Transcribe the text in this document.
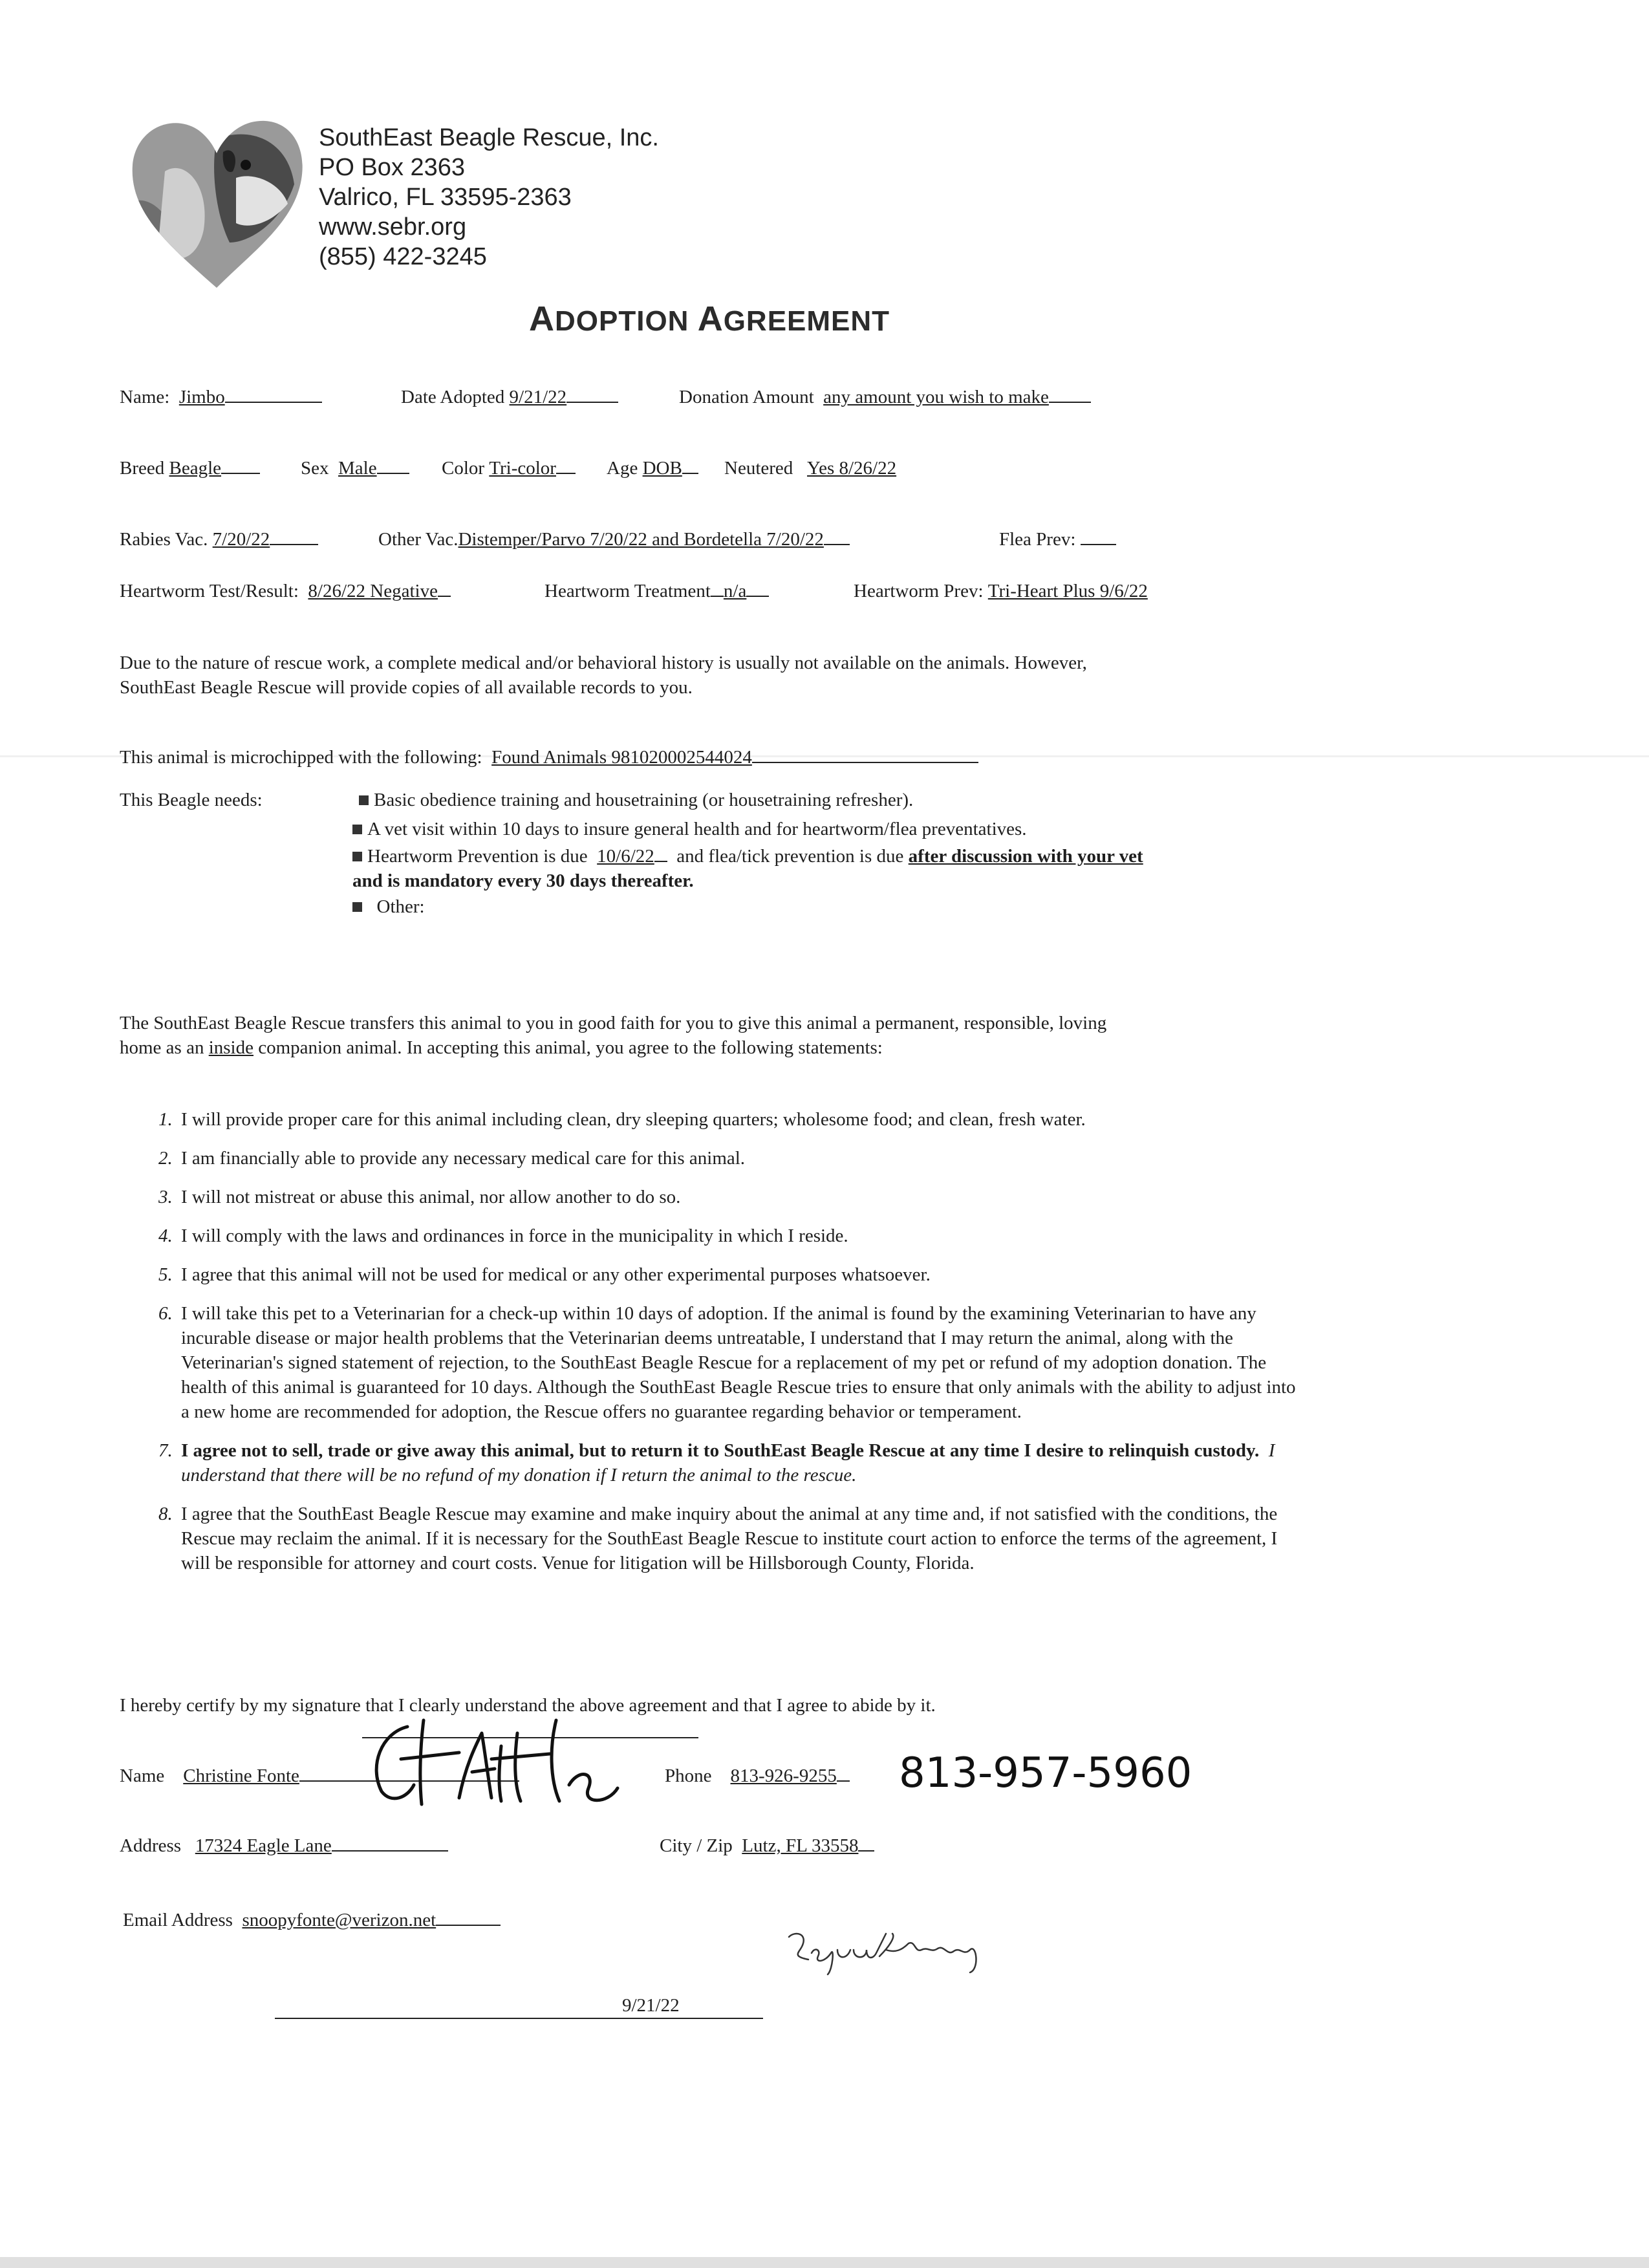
SouthEast Beagle Rescue, Inc.
PO Box 2363
Valrico, FL 33595-2363
www.sebr.org
(855) 422-3245
ADOPTION AGREEMENT
Name: Jimbo	Date Adopted 9/21/22	Donation Amount any amount you wish to make
Breed Beagle	Sex Male	Color Tri-color	Age DOB	Neutered Yes 8/26/22
Rabies Vac. 7/20/22	Other Vac.Distemper/Parvo 7/20/22 and Bordetella 7/20/22	Flea Prev:
Heartworm Test/Result: 8/26/22 Negative	Heartworm Treatment n/a	Heartworm Prev: Tri-Heart Plus 9/6/22
Due to the nature of rescue work, a complete medical and/or behavioral history is usually not available on the animals. However,
SouthEast Beagle Rescue will provide copies of all available records to you.
This animal is microchipped with the following: Found Animals 981020002544024
This Beagle needs:	Basic obedience training and housetraining (or housetraining refresher).
A vet visit within 10 days to insure general health and for heartworm/flea preventatives.
Heartworm Prevention is due 10/6/22 and flea/tick prevention is due after discussion with your vet
and is mandatory every 30 days thereafter.
Other:
The SouthEast Beagle Rescue transfers this animal to you in good faith for you to give this animal a permanent, responsible, loving
home as an inside companion animal. In accepting this animal, you agree to the following statements:
1. I will provide proper care for this animal including clean, dry sleeping quarters; wholesome food; and clean, fresh water.
2. I am financially able to provide any necessary medical care for this animal.
3. I will not mistreat or abuse this animal, nor allow another to do so.
4. I will comply with the laws and ordinances in force in the municipality in which I reside.
5. I agree that this animal will not be used for medical or any other experimental purposes whatsoever.
6. I will take this pet to a Veterinarian for a check-up within 10 days of adoption. If the animal is found by the examining Veterinarian to have any incurable disease or major health problems that the Veterinarian deems untreatable, I understand that I may return the animal, along with the Veterinarian's signed statement of rejection, to the SouthEast Beagle Rescue for a replacement of my pet or refund of my adoption donation. The health of this animal is guaranteed for 10 days. Although the SouthEast Beagle Rescue tries to ensure that only animals with the ability to adjust into a new home are recommended for adoption, the Rescue offers no guarantee regarding behavior or temperament.
7. I agree not to sell, trade or give away this animal, but to return it to SouthEast Beagle Rescue at any time I desire to relinquish custody. I understand that there will be no refund of my donation if I return the animal to the rescue.
8. I agree that the SouthEast Beagle Rescue may examine and make inquiry about the animal at any time and, if not satisfied with the conditions, the Rescue may reclaim the animal. If it is necessary for the SouthEast Beagle Rescue to institute court action to enforce the terms of the agreement, I will be responsible for attorney and court costs. Venue for litigation will be Hillsborough County, Florida.
I hereby certify by my signature that I clearly understand the above agreement and that I agree to abide by it.
Name Christine Fonte	Phone 813-926-9255	813-957-5960
Address 17324 Eagle Lane	City / Zip Lutz, FL 33558
Email Address snoopyfonte@verizon.net
9/21/22
